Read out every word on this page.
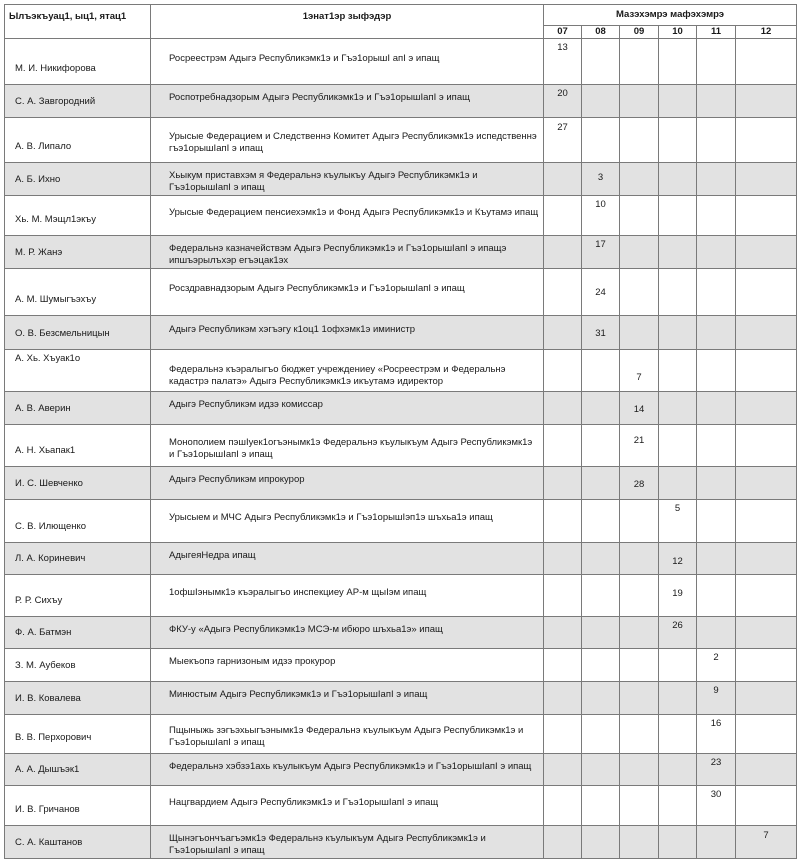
Ылъэкъуац1, ыц1, ятац1	1энат1эр зыфэдэр	Мазэхэмрэ мафэхэмрэ					
		07	08	09	10	11	12
М. И. Никифорова	Росреестрэм Адыгэ Республикэмк1э и Гъэ1орышI апI э ипащ	13					

С. А. Завгородний	Роспотребнадзорым Адыгэ Республикэмк1э и Гъэ1орышIапI э ипащ	20					

А. В. Липало	Урысые Федерацием и Следственнэ Комитет Адыгэ Республикэмк1э испедственнэ гъэ1орышIапI э ипащ	27					

А. Б. Ихно	Хьыкум приставхэм я Федеральнэ къулыкъу Адыгэ Республикэмк1э и Гъэ1орышIапI э ипащ		3				

Хь. М. Мэщл1экъу	Урысые Федерацием пенсиехэмк1э и Фонд Адыгэ Республикэмк1э и Къутамэ ипащ		10				

М. Р. Жанэ	Федеральнэ казначействэм Адыгэ Республикэмк1э и Гъэ1орышIапI э ипащэ ипшъэрылъхэр егъэцак1эх		17				

А. М. Шумыгъэхъу	Росздравнадзорым Адыгэ Республикэмк1э и Гъэ1орышIапI э ипащ		24				

О. В. Безсмельницын	Адыгэ Республикэм хэгъэгу к1оц1 1офхэмк1э иминистр		31				

А. Хь. Хъуак1о	Федеральнэ къэралыгъо бюджет учреждениеу «Росреестрэм и Федеральнэ кадастрэ палатэ» Адыгэ Республикэмк1э икъутамэ идиректор			7			

А. В. Аверин	Адыгэ Республикэм идзэ комиссар			14			

А. Н. Хьапак1	Монополием пэшIуек1огъэнымк1э Федеральнэ къулыкъум Адыгэ Республикэмк1э и Гъэ1орышIапI э ипащ			21			

И. С. Шевченко	Адыгэ Республикэм ипрокурор			28			

С. В. Илющенко	Урысыем и МЧС Адыгэ Республикэмк1э и Гъэ1орышIэп1э шъхьа1э ипащ				5		

Л. А. Кориневич	АдыгеяНедра ипащ				12		

Р. Р. Сихъу	1офшIэнымк1э къэралыгъо инспекциеу АР-м щыIэм ипащ				19		

Ф. А. Батмэн	ФКУ-у «Адыгэ Республикэмк1э МСЭ-м ибюро шъхьа1э» ипащ				26		

З. М. Аубеков	Мыекъопэ гарнизоным идзэ прокурор					2	

И. В. Ковалева	Минюстым Адыгэ Республикэмк1э и Гъэ1орышIапI э ипащ					9	

В. В. Перхорович	Пщыныжь зэгъэхьыгъэнымк1э Федеральнэ къулыкъум Адыгэ Республикэмк1э и Гъэ1орышIапI э ипащ					16	

А. А. Дышъэк1	Федеральнэ хэбзэ1ахь къулыкъум Адыгэ Республикэмк1э и Гъэ1орышIапI э ипащ					23	

И. В. Гричанов	Нацгвардием Адыгэ Республикэмк1э и Гъэ1орышIапI э ипащ					30	

С. А. Каштанов	Щынэгъончъагъэмк1э Федеральнэ къулыкъум Адыгэ Республикэмк1э и Гъэ1орышIапI э ипащ						7
